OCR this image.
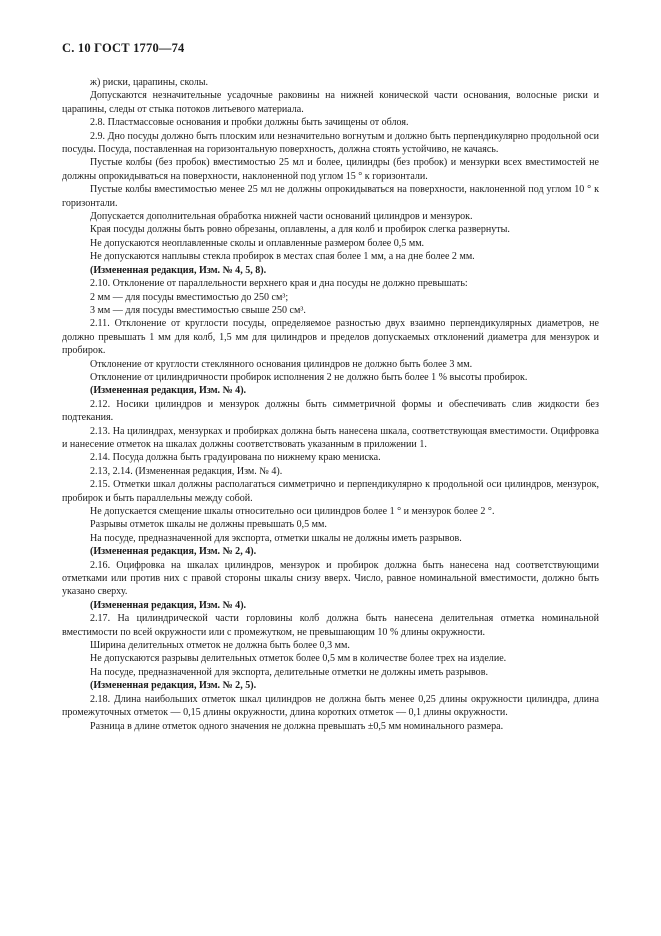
С. 10 ГОСТ 1770—74

ж) риски, царапины, сколы.

Допускаются незначительные усадочные раковины на нижней конической части основания, волосные риски и царапины, следы от стыка потоков литьевого материала.

2.8. Пластмассовые основания и пробки должны быть зачищены от облоя.

2.9. Дно посуды должно быть плоским или незначительно вогнутым и должно быть перпендикулярно продольной оси посуды. Посуда, поставленная на горизонтальную поверхность, должна стоять устойчиво, не качаясь.

Пустые колбы (без пробок) вместимостью 25 мл и более, цилиндры (без пробок) и мензурки всех вместимостей не должны опрокидываться на поверхности, наклоненной под углом 15 ° к горизонтали.

Пустые колбы вместимостью менее 25 мл не должны опрокидываться на поверхности, наклоненной под углом 10 ° к горизонтали.

Допускается дополнительная обработка нижней части оснований цилиндров и мензурок.

Края посуды должны быть ровно обрезаны, оплавлены, а для колб и пробирок слегка развернуты.

Не допускаются неоплавленные сколы и оплавленные размером более 0,5 мм.

Не допускаются наплывы стекла пробирок в местах спая более 1 мм, а на дне более 2 мм.

(Измененная редакция, Изм. № 4, 5, 8).

2.10. Отклонение от параллельности верхнего края и дна посуды не должно превышать:

2 мм — для посуды вместимостью до 250 см³;

3 мм — для посуды вместимостью свыше 250 см³.

2.11. Отклонение от круглости посуды, определяемое разностью двух взаимно перпендикулярных диаметров, не должно превышать 1 мм для колб, 1,5 мм для цилиндров и пределов допускаемых отклонений диаметра для мензурок и пробирок.

Отклонение от круглости стеклянного основания цилиндров не должно быть более 3 мм.

Отклонение от цилиндричности пробирок исполнения 2 не должно быть более 1 % высоты пробирок.

(Измененная редакция, Изм. № 4).

2.12. Носики цилиндров и мензурок должны быть симметричной формы и обеспечивать слив жидкости без подтекания.

2.13. На цилиндрах, мензурках и пробирках должна быть нанесена шкала, соответствующая вместимости. Оцифровка и нанесение отметок на шкалах должны соответствовать указанным в приложении 1.

2.14. Посуда должна быть градуирована по нижнему краю мениска.

2.13, 2.14. (Измененная редакция, Изм. № 4).

2.15. Отметки шкал должны располагаться симметрично и перпендикулярно к продольной оси цилиндров, мензурок, пробирок и быть параллельны между собой.

Не допускается смещение шкалы относительно оси цилиндров более 1 ° и мензурок более 2 °.

Разрывы отметок шкалы не должны превышать 0,5 мм.

На посуде, предназначенной для экспорта, отметки шкалы не должны иметь разрывов.

(Измененная редакция, Изм. № 2, 4).

2.16. Оцифровка на шкалах цилиндров, мензурок и пробирок должна быть нанесена над соответствующими отметками или против них с правой стороны шкалы снизу вверх. Число, равное номинальной вместимости, должно быть указано сверху.

(Измененная редакция, Изм. № 4).

2.17. На цилиндрической части горловины колб должна быть нанесена делительная отметка номинальной вместимости по всей окружности или с промежутком, не превышающим 10 % длины окружности.

Ширина делительных отметок не должна быть более 0,3 мм.

Не допускаются разрывы делительных отметок более 0,5 мм в количестве более трех на изделие.

На посуде, предназначенной для экспорта, делительные отметки не должны иметь разрывов.

(Измененная редакция, Изм. № 2, 5).

2.18. Длина наибольших отметок шкал цилиндров не должна быть менее 0,25 длины окружности цилиндра, длина промежуточных отметок — 0,15 длины окружности, длина коротких отметок — 0,1 длины окружности.

Разница в длине отметок одного значения не должна превышать ±0,5 мм номинального размера.
